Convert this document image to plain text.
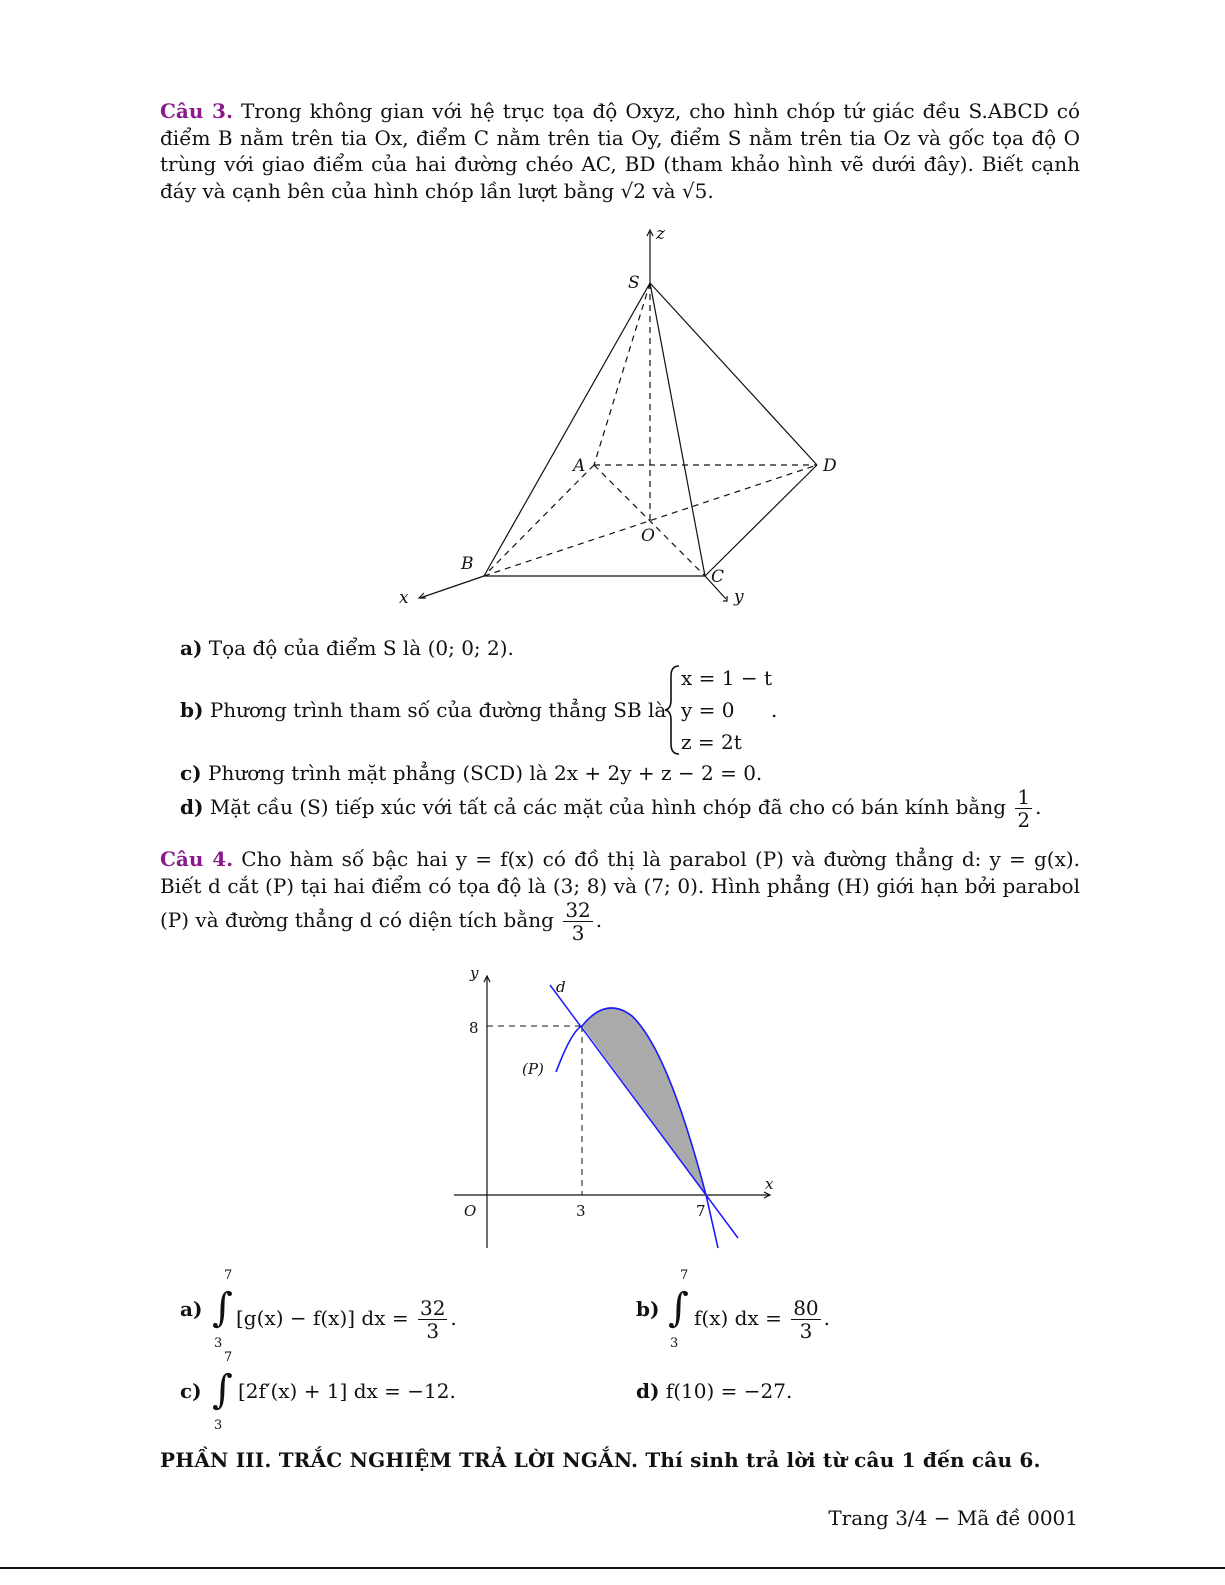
Câu 3. Trong không gian với hệ trục tọa độ Oxyz, cho hình chóp tứ giác đều S.ABCD có điểm B nằm trên tia Ox, điểm C nằm trên tia Oy, điểm S nằm trên tia Oz và gốc tọa độ O trùng với giao điểm của hai đường chéo AC, BD (tham khảo hình vẽ dưới đây). Biết cạnh đáy và cạnh bên của hình chóp lần lượt bằng √2 và √5.
z
S
A	D
O
B
C
x	y
a) Tọa độ của điểm S là (0; 0; 2).
b) Phương trình tham số của đường thẳng SB là
x = 1 − t
y = 0
z = 2t
.
c) Phương trình mặt phẳng (SCD) là 2x + 2y + z − 2 = 0.
d) Mặt cầu (S) tiếp xúc với tất cả các mặt của hình chóp đã cho có bán kính bằng $\frac{1}{2}$ .
Câu 4. Cho hàm số bậc hai y = f(x) có đồ thị là parabol (P) và đường thẳng d: y = g(x). Biết d cắt (P) tại hai điểm có tọa độ là (3; 8) và (7; 0). Hình phẳng (H) giới hạn bởi parabol (P) và đường thẳng d có diện tích bằng $\frac{32}{3}$ .
y
d
8
(P)
O	3	7
x
a)
7
∫
3
[g(x) − f(x)] dx = $\frac{32}{3}$ .	b)
7
∫
3
f(x) dx = $\frac{80}{3}$ .
c)
7
∫
3
[2f′(x) + 1] dx = −12.	d) f(10) = −27.
PHẦN III. TRẮC NGHIỆM TRẢ LỜI NGẮN. Thí sinh trả lời từ câu 1 đến câu 6.
Trang 3/4 − Mã đề 0001
